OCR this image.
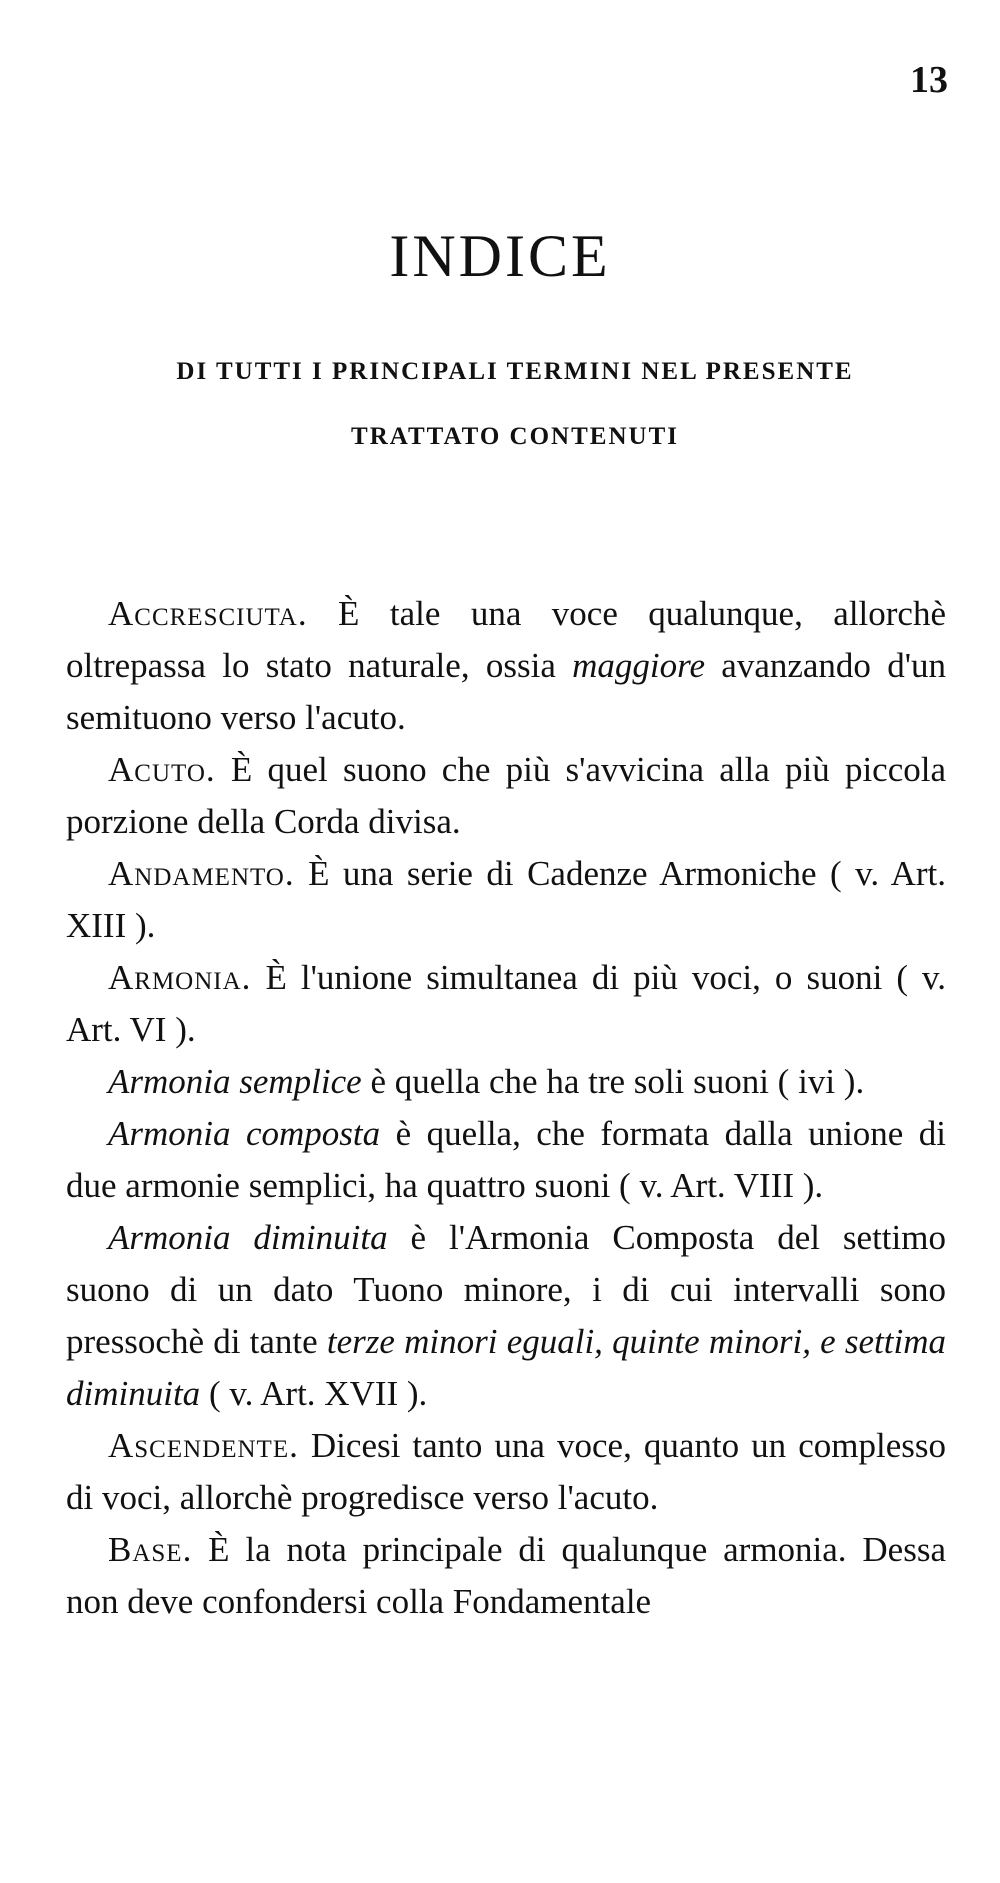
13
INDICE
DI TUTTI I PRINCIPALI TERMINI NEL PRESENTE
TRATTATO CONTENUTI

Accresciuta. È tale una voce qualunque, allorchè oltrepassa lo stato naturale, ossia maggiore avanzando d'un semituono verso l'acuto.

Acuto. È quel suono che più s'avvicina alla più piccola porzione della Corda divisa.

Andamento. È una serie di Cadenze Armoniche ( v. Art. XIII ).

Armonia. È l'unione simultanea di più voci, o suoni ( v. Art. VI ).

Armonia semplice è quella che ha tre soli suoni ( ivi ).

Armonia composta è quella, che formata dalla unione di due armonie semplici, ha quattro suoni ( v. Art. VIII ).

Armonia diminuita è l'Armonia Composta del settimo suono di un dato Tuono minore, i di cui intervalli sono pressochè di tante terze minori eguali, quinte minori, e settima diminuita ( v. Art. XVII ).

Ascendente. Dicesi tanto una voce, quanto un complesso di voci, allorchè progredisce verso l'acuto.

Base. È la nota principale di qualunque armonia. Dessa non deve confondersi colla Fondamentale
